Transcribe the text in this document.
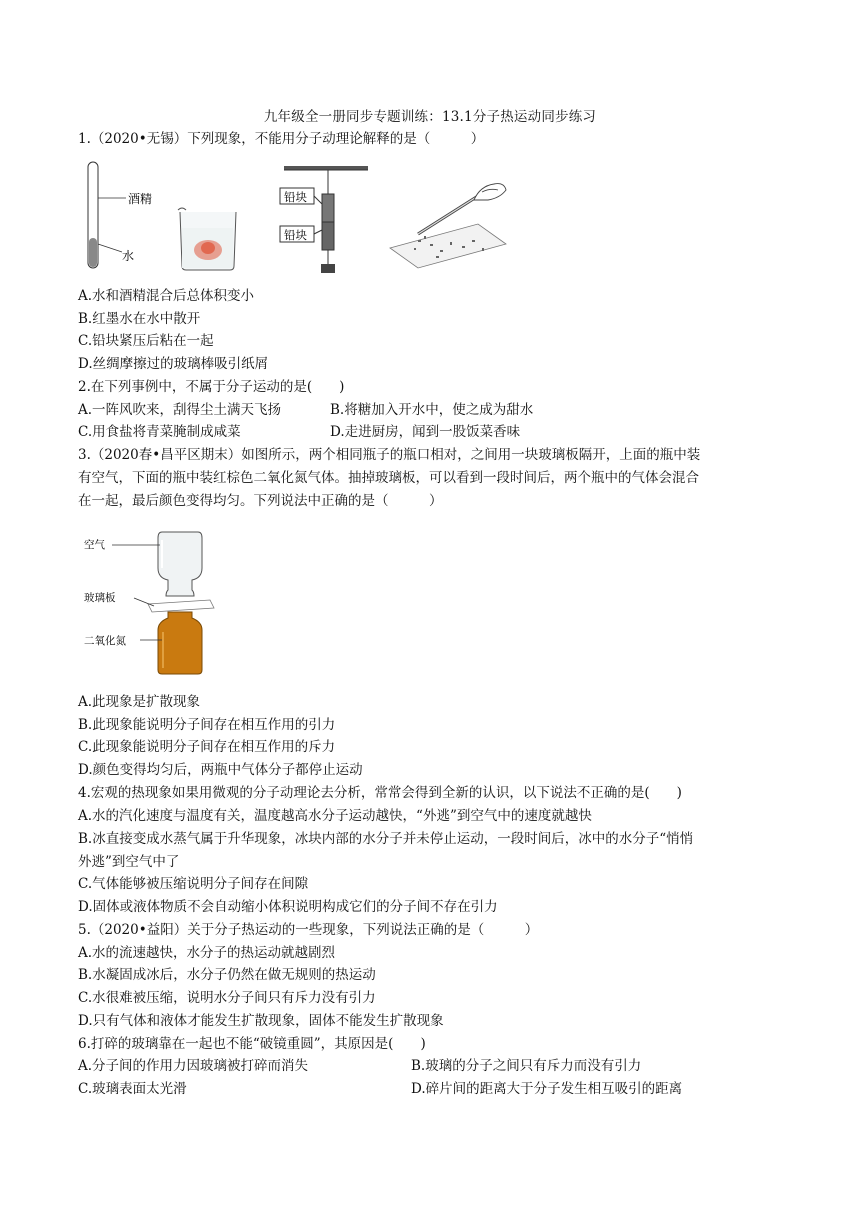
九年级全一册同步专题训练：13.1分子热运动同步练习
1.（2020•无锡）下列现象，不能用分子动理论解释的是（　　　）
酒精
水
铅块
铅块
A.水和酒精混合后总体积变小
B.红墨水在水中散开
C.铅块紧压后粘在一起
D.丝绸摩擦过的玻璃棒吸引纸屑
2.在下列事例中，不属于分子运动的是(　　)
A.一阵风吹来，刮得尘土满天飞扬	B.将糖加入开水中，使之成为甜水
C.用食盐将青菜腌制成咸菜	D.走进厨房，闻到一股饭菜香味
3.（2020春•昌平区期末）如图所示，两个相同瓶子的瓶口相对，之间用一块玻璃板隔开，上面的瓶中装
有空气，下面的瓶中装红棕色二氧化氮气体。抽掉玻璃板，可以看到一段时间后，两个瓶中的气体会混合
在一起，最后颜色变得均匀。下列说法中正确的是（　　　）
空气
玻璃板
二氧化氮
A.此现象是扩散现象
B.此现象能说明分子间存在相互作用的引力
C.此现象能说明分子间存在相互作用的斥力
D.颜色变得均匀后，两瓶中气体分子都停止运动
4.宏观的热现象如果用微观的分子动理论去分析，常常会得到全新的认识，以下说法不正确的是(　　)
A.水的汽化速度与温度有关，温度越高水分子运动越快，“外逃”到空气中的速度就越快
B.冰直接变成水蒸气属于升华现象，冰块内部的水分子并未停止运动，一段时间后，冰中的水分子“悄悄
外逃”到空气中了
C.气体能够被压缩说明分子间存在间隙
D.固体或液体物质不会自动缩小体积说明构成它们的分子间不存在引力
5.（2020•益阳）关于分子热运动的一些现象，下列说法正确的是（　　　）
A.水的流速越快，水分子的热运动就越剧烈
B.水凝固成冰后，水分子仍然在做无规则的热运动
C.水很难被压缩，说明水分子间只有斥力没有引力
D.只有气体和液体才能发生扩散现象，固体不能发生扩散现象
6.打碎的玻璃靠在一起也不能“破镜重圆”，其原因是(　　)
A.分子间的作用力因玻璃被打碎而消失	B.玻璃的分子之间只有斥力而没有引力
C.玻璃表面太光滑	D.碎片间的距离大于分子发生相互吸引的距离
